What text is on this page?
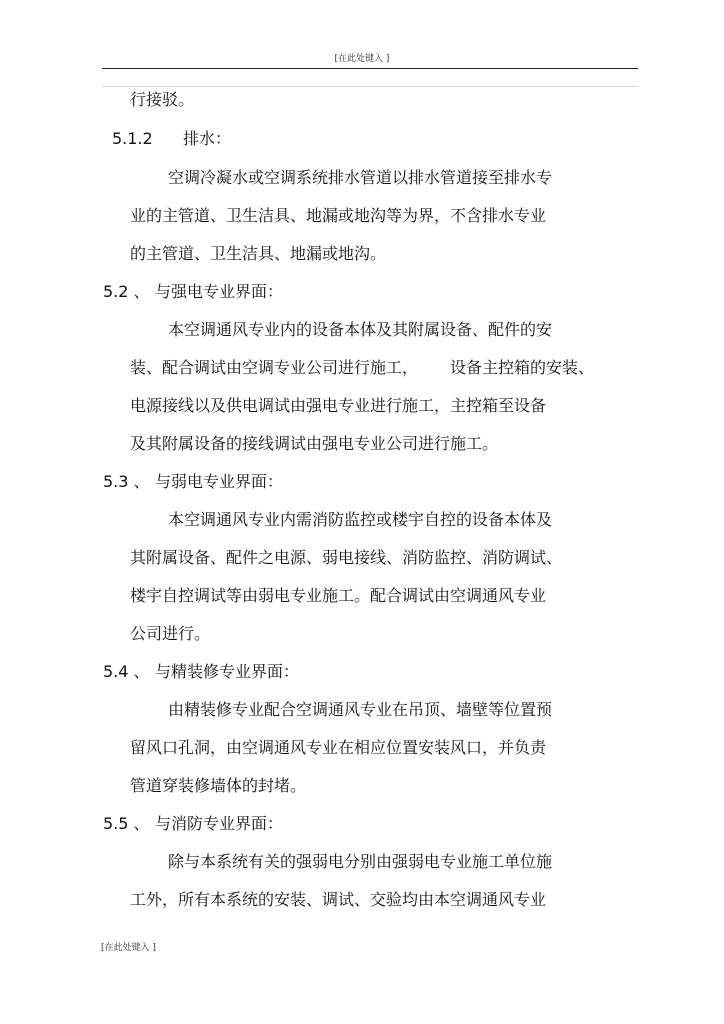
[在此处键入 ]
行接驳。
5.1.2 排水：
空调冷凝水或空调系统排水管道以排水管道接至排水专
业的主管道、卫生洁具、地漏或地沟等为界，不含排水专业
的主管道、卫生洁具、地漏或地沟。
5.2 、 与强电专业界面：
本空调通风专业内的设备本体及其附属设备、配件的安
装、配合调试由空调专业公司进行施工， 设备主控箱的安装、
电源接线以及供电调试由强电专业进行施工，主控箱至设备
及其附属设备的接线调试由强电专业公司进行施工。
5.3 、 与弱电专业界面：
本空调通风专业内需消防监控或楼宇自控的设备本体及
其附属设备、配件之电源、弱电接线、消防监控、消防调试、
楼宇自控调试等由弱电专业施工。配合调试由空调通风专业
公司进行。
5.4 、 与精装修专业界面：
由精装修专业配合空调通风专业在吊顶、墙壁等位置预
留风口孔洞，由空调通风专业在相应位置安装风口，并负责
管道穿装修墙体的封堵。
5.5 、 与消防专业界面：
除与本系统有关的强弱电分别由强弱电专业施工单位施
工外，所有本系统的安装、调试、交验均由本空调通风专业
[在此处键入 ]
